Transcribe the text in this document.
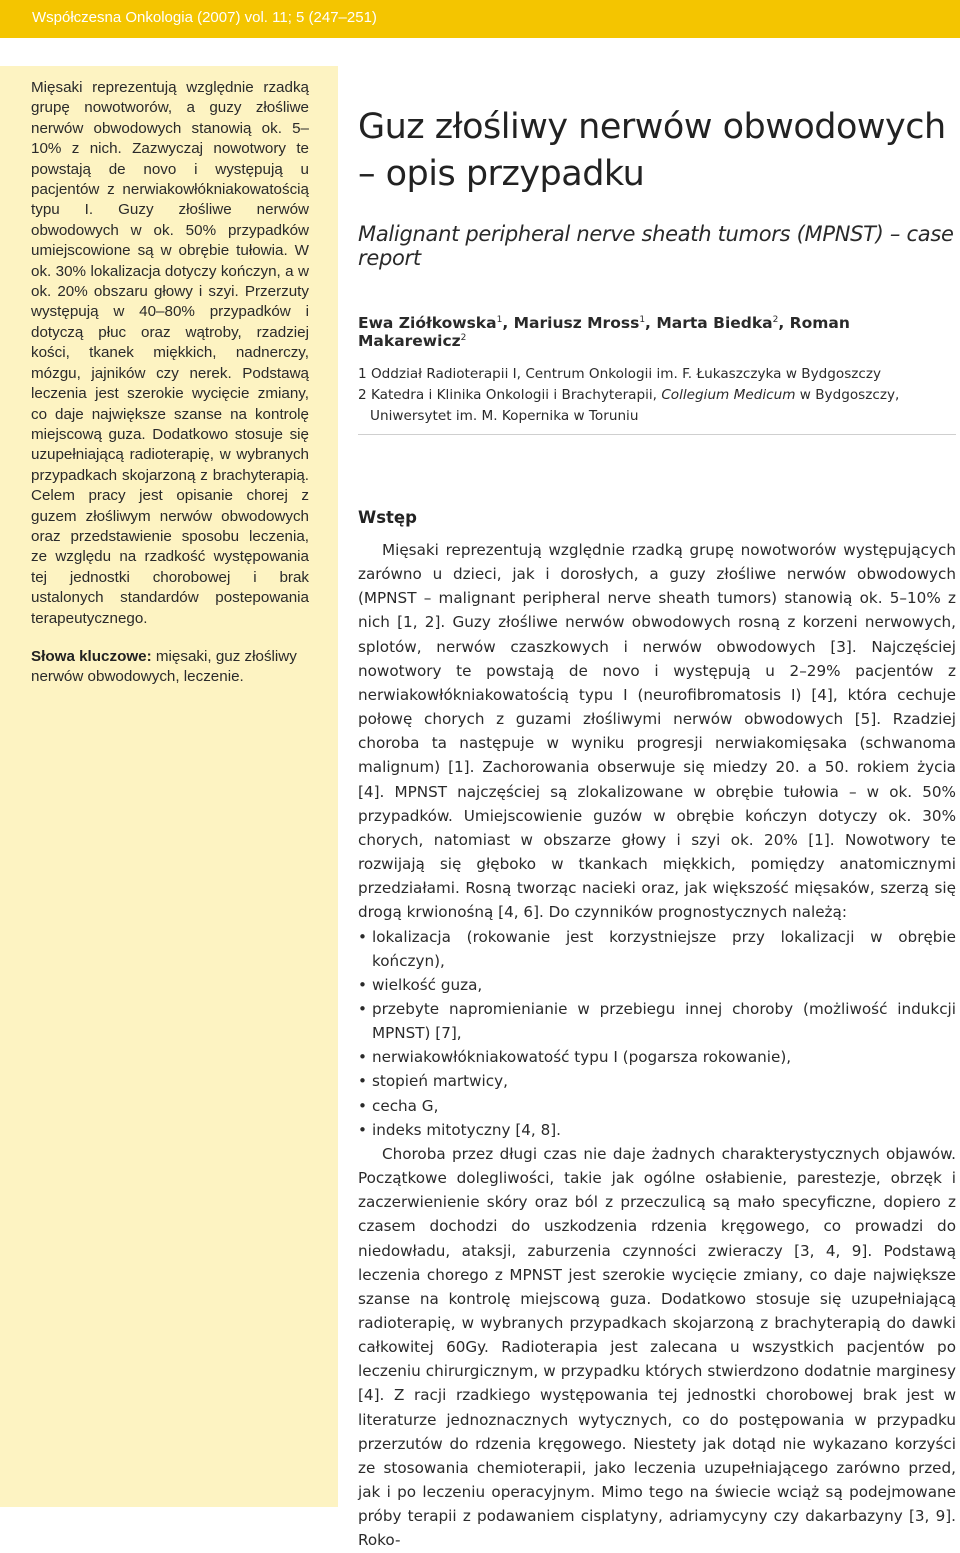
Współczesna Onkologia (2007) vol. 11; 5 (247–251)

Mięsaki reprezentują względnie rzadką grupę nowotworów, a guzy złośliwe nerwów obwodowych stanowią ok. 5–10% z nich. Zazwyczaj nowotwory te powstają de novo i występują u pacjentów z nerwiakowłókniakowatością typu I. Guzy złośliwe nerwów obwodowych w ok. 50% przypadków umiejscowione są w obrębie tułowia. W ok. 30% lokalizacja dotyczy kończyn, a w ok. 20% obszaru głowy i szyi. Przerzuty występują w 40–80% przypadków i dotyczą płuc oraz wątroby, rzadziej kości, tkanek miękkich, nadnerczy, mózgu, jajników czy nerek. Podstawą leczenia jest szerokie wycięcie zmiany, co daje największe szanse na kontrolę miejscową guza. Dodatkowo stosuje się uzupełniającą radioterapię, w wybranych przypadkach skojarzoną z brachyterapią. Celem pracy jest opisanie chorej z guzem złośliwym nerwów obwodowych oraz przedstawienie sposobu leczenia, ze względu na rzadkość występowania tej jednostki chorobowej i brak ustalonych standardów postepowania terapeutycznego.

Słowa kluczowe: mięsaki, guz złośliwy nerwów obwodowych, leczenie.

Guz złośliwy nerwów obwodowych
– opis przypadku

Malignant peripheral nerve sheath tumors (MPNST) – case report

Ewa Ziółkowska$^1$, Mariusz Mross$^1$, Marta Biedka$^2$, Roman Makarewicz$^2$
1 Oddział Radioterapii I, Centrum Onkologii im. F. Łukaszczyka w Bydgoszczy
2 Katedra i Klinika Onkologii i Brachyterapii, Collegium Medicum w Bydgoszczy,
Uniwersytet im. M. Kopernika w Toruniu
Wstęp

Mięsaki reprezentują względnie rzadką grupę nowotworów występujących zarówno u dzieci, jak i dorosłych, a guzy złośliwe nerwów obwodowych (MPNST – malignant peripheral nerve sheath tumors) stanowią ok. 5–10% z nich [1, 2]. Guzy złośliwe nerwów obwodowych rosną z korzeni nerwowych, splotów, nerwów czaszkowych i nerwów obwodowych [3]. Najczęściej nowotwory te powstają de novo i występują u 2–29% pacjentów z nerwiakowłókniakowatością typu I (neurofibromatosis I) [4], która cechuje połowę chorych z guzami złośliwymi nerwów obwodowych [5]. Rzadziej choroba ta następuje w wyniku progresji nerwiakomięsaka (schwanoma malignum) [1]. Zachorowania obserwuje się miedzy 20. a 50. rokiem życia [4]. MPNST najczęściej są zlokalizowane w obrębie tułowia – w ok. 50% przypadków. Umiejscowienie guzów w obrębie kończyn dotyczy ok. 30% chorych, natomiast w obszarze głowy i szyi ok. 20% [1]. Nowotwory te rozwijają się głęboko w tkankach miękkich, pomiędzy anatomicznymi przedziałami. Rosną tworząc nacieki oraz, jak większość mięsaków, szerzą się drogą krwionośną [4, 6]. Do czynników prognostycznych należą:

• lokalizacja (rokowanie jest korzystniejsze przy lokalizacji w obrębie kończyn),
• wielkość guza,
• przebyte napromienianie w przebiegu innej choroby (możliwość indukcji MPNST) [7],
• nerwiakowłókniakowatość typu I (pogarsza rokowanie),
• stopień martwicy,
• cecha G,
• indeks mitotyczny [4, 8].

Choroba przez długi czas nie daje żadnych charakterystycznych objawów. Początkowe dolegliwości, takie jak ogólne osłabienie, parestezje, obrzęk i zaczerwienienie skóry oraz ból z przeczulicą są mało specyficzne, dopiero z czasem dochodzi do uszkodzenia rdzenia kręgowego, co prowadzi do niedowładu, ataksji, zaburzenia czynności zwieraczy [3, 4, 9]. Podstawą leczenia chorego z MPNST jest szerokie wycięcie zmiany, co daje największe szanse na kontrolę miejscową guza. Dodatkowo stosuje się uzupełniającą radioterapię, w wybranych przypadkach skojarzoną z brachyterapią do dawki całkowitej 60Gy. Radioterapia jest zalecana u wszystkich pacjentów po leczeniu chirurgicznym, w przypadku których stwierdzono dodatnie marginesy [4]. Z racji rzadkiego występowania tej jednostki chorobowej brak jest w literaturze jednoznacznych wytycznych, co do postępowania w przypadku przerzutów do rdzenia kręgowego. Niestety jak dotąd nie wykazano korzyści ze stosowania chemioterapii, jako leczenia uzupełniającego zarówno przed, jak i po leczeniu operacyjnym. Mimo tego na świecie wciąż są podejmowane próby terapii z podawaniem cisplatyny, adriamycyny czy dakarbazyny [3, 9]. Roko-
